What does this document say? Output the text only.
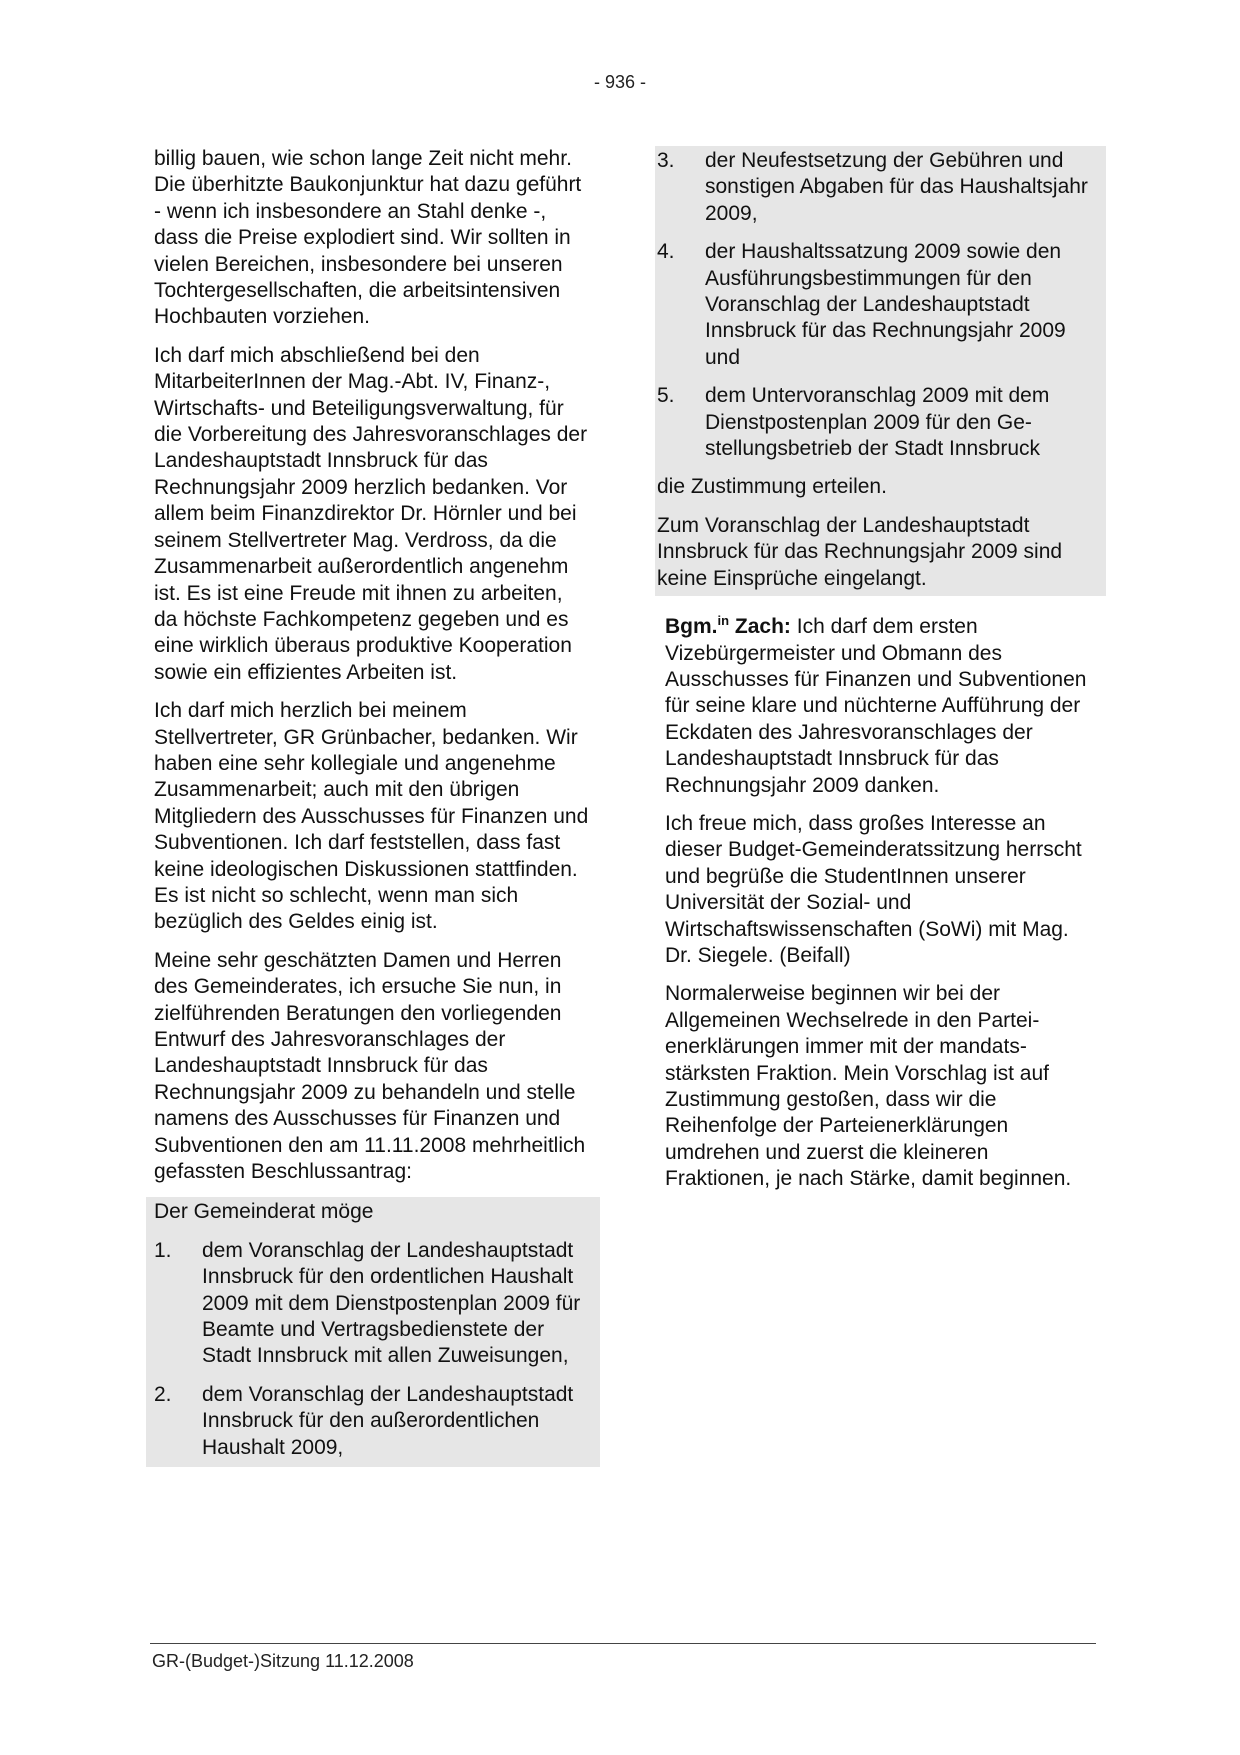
- 936 -

billig bauen, wie schon lange Zeit nicht mehr. Die überhitzte Baukonjunktur hat dazu geführt - wenn ich insbesondere an Stahl denke -, dass die Preise explodiert sind. Wir sollten in vielen Bereichen, insbesondere bei unseren Tochtergesellschaften, die arbeitsintensiven Hochbauten vorziehen.

Ich darf mich abschließend bei den MitarbeiterInnen der Mag.-Abt. IV, Finanz-, Wirtschafts- und Beteiligungsverwaltung, für die Vorbereitung des Jahresvoranschlages der Landeshauptstadt Innsbruck für das Rechnungsjahr 2009 herzlich bedanken. Vor allem beim Finanzdirektor Dr. Hörnler und bei seinem Stellvertreter Mag. Verdross, da die Zusammenarbeit außerordentlich angenehm ist. Es ist eine Freude mit ihnen zu arbeiten, da höchste Fachkompetenz gegeben und es eine wirklich überaus produktive Kooperation sowie ein effizientes Arbeiten ist.

Ich darf mich herzlich bei meinem Stellvertreter, GR Grünbacher, bedanken. Wir haben eine sehr kollegiale und angenehme Zusammenarbeit; auch mit den übrigen Mitgliedern des Ausschusses für Finanzen und Subventionen. Ich darf feststellen, dass fast keine ideologischen Diskussionen stattfinden. Es ist nicht so schlecht, wenn man sich bezüglich des Geldes einig ist.

Meine sehr geschätzten Damen und Herren des Gemeinderates, ich ersuche Sie nun, in zielführenden Beratungen den vorliegenden Entwurf des Jahresvoranschlages der Landeshauptstadt Innsbruck für das Rechnungsjahr 2009 zu behandeln und stelle namens des Ausschusses für Finanzen und Subventionen den am 11.11.2008 mehrheitlich gefassten Beschlussantrag:

Der Gemeinderat möge

1.	dem Voranschlag der Landeshauptstadt Innsbruck für den ordentlichen Haushalt 2009 mit dem Dienstpostenplan 2009 für Beamte und Vertragsbedienstete der Stadt Innsbruck mit allen Zuweisungen,
2.	dem Voranschlag der Landeshauptstadt Innsbruck für den außerordentlichen Haushalt 2009,
3.	der Neufestsetzung der Gebühren und sonstigen Abgaben für das Haushaltsjahr 2009,
4.	der Haushaltssatzung 2009 sowie den Ausführungsbestimmungen für den Voranschlag der Landeshauptstadt Innsbruck für das Rechnungsjahr 2009 und
5.	dem Untervoranschlag 2009 mit dem Dienstpostenplan 2009 für den Gestellungsbetrieb der Stadt Innsbruck

die Zustimmung erteilen.

Zum Voranschlag der Landeshauptstadt Innsbruck für das Rechnungsjahr 2009 sind keine Einsprüche eingelangt.

Bgm.$^{in}$ Zach: Ich darf dem ersten Vizebürgermeister und Obmann des Ausschusses für Finanzen und Subventionen für seine klare und nüchterne Aufführung der Eckdaten des Jahresvoranschlages der Landeshauptstadt Innsbruck für das Rechnungsjahr 2009 danken.

Ich freue mich, dass großes Interesse an dieser Budget-Gemeinderatssitzung herrscht und begrüße die StudentInnen unserer Universität der Sozial- und Wirtschaftswissenschaften (SoWi) mit Mag. Dr. Siegele. (Beifall)

Normalerweise beginnen wir bei der Allgemeinen Wechselrede in den Parteienerklärungen immer mit der mandatsstärksten Fraktion. Mein Vorschlag ist auf Zustimmung gestoßen, dass wir die Reihenfolge der Parteienerklärungen umdrehen und zuerst die kleineren Fraktionen, je nach Stärke, damit beginnen.

GR-(Budget-)Sitzung 11.12.2008
